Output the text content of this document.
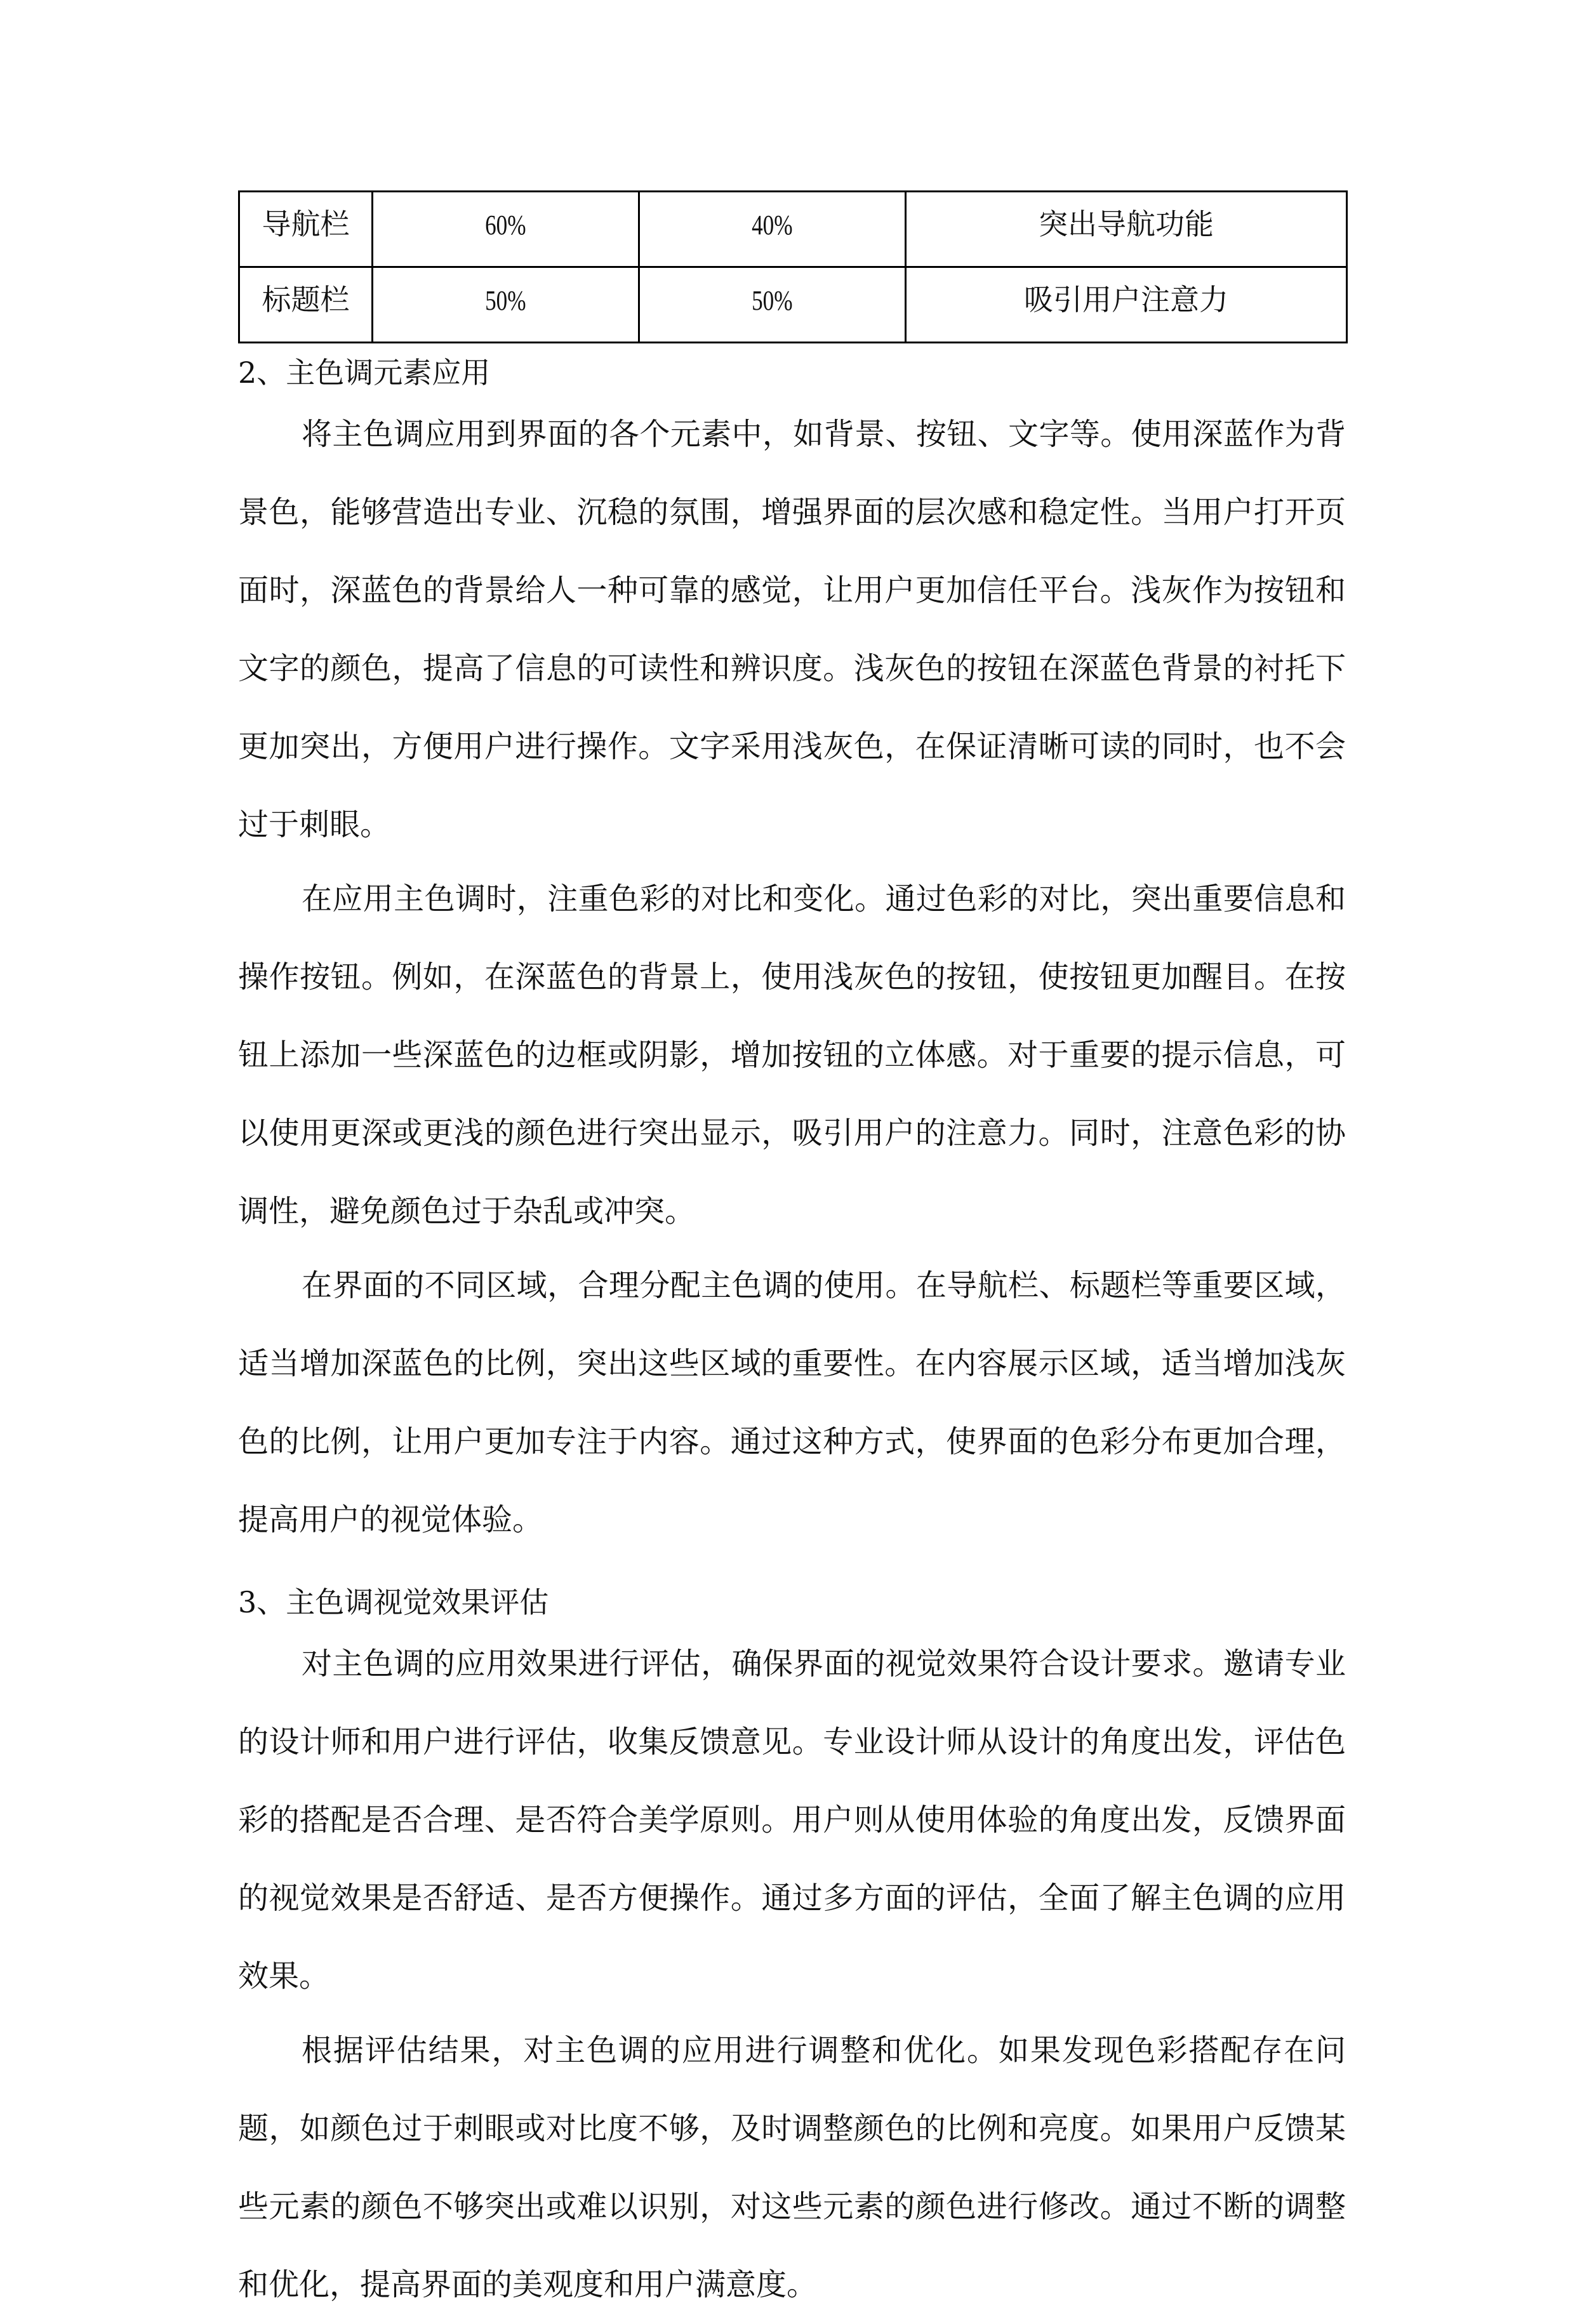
导航栏	60%	40%	突出导航功能
标题栏	50%	50%	吸引用户注意力
2、主色调元素应用

将主色调应用到界面的各个元素中，如背景、按钮、文字等。使用深蓝作为背景色，能够营造出专业、沉稳的氛围，增强界面的层次感和稳定性。当用户打开页面时，深蓝色的背景给人一种可靠的感觉，让用户更加信任平台。浅灰作为按钮和文字的颜色，提高了信息的可读性和辨识度。浅灰色的按钮在深蓝色背景的衬托下更加突出，方便用户进行操作。文字采用浅灰色，在保证清晰可读的同时，也不会过于刺眼。

在应用主色调时，注重色彩的对比和变化。通过色彩的对比，突出重要信息和操作按钮。例如，在深蓝色的背景上，使用浅灰色的按钮，使按钮更加醒目。在按钮上添加一些深蓝色的边框或阴影，增加按钮的立体感。对于重要的提示信息，可以使用更深或更浅的颜色进行突出显示，吸引用户的注意力。同时，注意色彩的协调性，避免颜色过于杂乱或冲突。

在界面的不同区域，合理分配主色调的使用。在导航栏、标题栏等重要区域，适当增加深蓝色的比例，突出这些区域的重要性。在内容展示区域，适当增加浅灰色的比例，让用户更加专注于内容。通过这种方式，使界面的色彩分布更加合理，提高用户的视觉体验。

3、主色调视觉效果评估

对主色调的应用效果进行评估，确保界面的视觉效果符合设计要求。邀请专业的设计师和用户进行评估，收集反馈意见。专业设计师从设计的角度出发，评估色彩的搭配是否合理、是否符合美学原则。用户则从使用体验的角度出发，反馈界面的视觉效果是否舒适、是否方便操作。通过多方面的评估，全面了解主色调的应用效果。

根据评估结果，对主色调的应用进行调整和优化。如果发现色彩搭配存在问题，如颜色过于刺眼或对比度不够，及时调整颜色的比例和亮度。如果用户反馈某些元素的颜色不够突出或难以识别，对这些元素的颜色进行修改。通过不断的调整和优化，提高界面的美观度和用户满意度。
